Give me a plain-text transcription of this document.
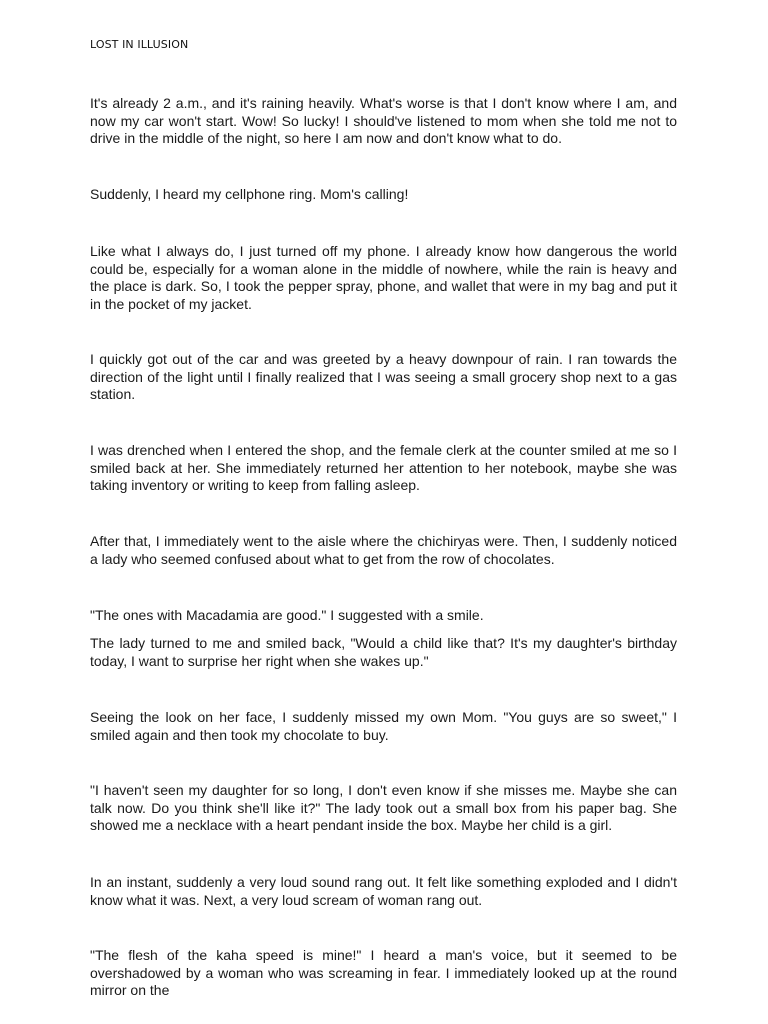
LOST IN ILLUSION

It's already 2 a.m., and it's raining heavily. What's worse is that I don't know where I am, and now my car won't start. Wow! So lucky! I should've listened to mom when she told me not to drive in the middle of the night, so here I am now and don't know what to do.

Suddenly, I heard my cellphone ring. Mom's calling!

Like what I always do, I just turned off my phone. I already know how dangerous the world could be, especially for a woman alone in the middle of nowhere, while the rain is heavy and the place is dark. So, I took the pepper spray, phone, and wallet that were in my bag and put it in the pocket of my jacket.

I quickly got out of the car and was greeted by a heavy downpour of rain. I ran towards the direction of the light until I finally realized that I was seeing a small grocery shop next to a gas station.

I was drenched when I entered the shop, and the female clerk at the counter smiled at me so I smiled back at her. She immediately returned her attention to her notebook, maybe she was taking inventory or writing to keep from falling asleep.

After that, I immediately went to the aisle where the chichiryas were. Then, I suddenly noticed a lady who seemed confused about what to get from the row of chocolates.

"The ones with Macadamia are good." I suggested with a smile.

The lady turned to me and smiled back, "Would a child like that? It's my daughter's birthday today, I want to surprise her right when she wakes up."

Seeing the look on her face, I suddenly missed my own Mom. "You guys are so sweet," I smiled again and then took my chocolate to buy.

"I haven't seen my daughter for so long, I don't even know if she misses me. Maybe she can talk now. Do you think she'll like it?" The lady took out a small box from his paper bag. She showed me a necklace with a heart pendant inside the box. Maybe her child is a girl.

In an instant, suddenly a very loud sound rang out. It felt like something exploded and I didn't know what it was. Next, a very loud scream of woman rang out.

"The flesh of the kaha speed is mine!" I heard a man's voice, but it seemed to be overshadowed by a woman who was screaming in fear. I immediately looked up at the round mirror on the
